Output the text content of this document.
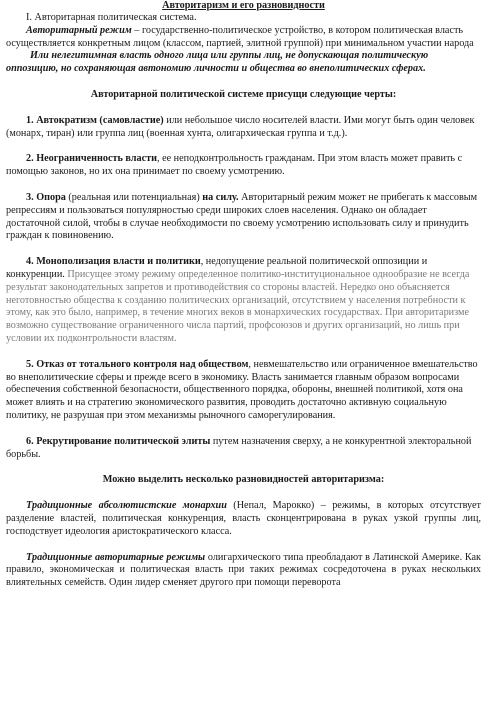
Авторитаризм и его разновидности

I. Авторитарная политическая система.

Авторитарный режим – государственно-политическое устройство, в котором политическая власть осуществляется конкретным лицом (классом, партией, элитной группой) при минимальном участии народа

Или нелегитимная власть одного лица или группы лиц, не допускающая политическую оппозицию, но сохраняющая автономию личности и общества во внеполитических сферах.

Авторитарной политической системе присущи следующие черты:

1. Автократизм (самовластие) или небольшое число носителей власти. Ими могут быть один человек (монарх, тиран) или группа лиц (военная хунта, олигархическая группа и т.д.).

2. Неограниченность власти, ее неподконтрольность гражданам. При этом власть может править с помощью законов, но их она принимает по своему усмотрению.

3. Опора (реальная или потенциальная) на силу. Авторитарный режим может не прибегать к массовым репрессиям и пользоваться популярностью среди широких слоев населения. Однако он обладает достаточной силой, чтобы в случае необходимости по своему усмотрению использовать силу и принудить граждан к повиновению.

4. Монополизация власти и политики, недопущение реальной политической оппозиции и конкуренции. Присущее этому режиму определенное политико-институциональное однообразие не всегда результат законодательных запретов и противодействия со стороны властей. Нередко оно объясняется неготовностью общества к созданию политических организаций, отсутствием у населения потребности к этому, как это было, например, в течение многих веков в монархических государствах. При авторитаризме возможно существование ограниченного числа партий, профсоюзов и других организаций, но лишь при условии их подконтрольности властям.

5. Отказ от тотального контроля над обществом, невмешательство или ограниченное вмешательство во внеполитические сферы и прежде всего в экономику. Власть занимается главным образом вопросами обеспечения собственной безопасности, общественного порядка, обороны, внешней политикой, хотя она может влиять и на стратегию экономического развития, проводить достаточно активную социальную политику, не разрушая при этом механизмы рыночного саморегулирования.

6. Рекрутирование политической элиты путем назначения сверху, а не конкурентной электоральной борьбы.

Можно выделить несколько разновидностей авторитаризма:

Традиционные абсолютистские монархии (Непал, Марокко) – режимы, в которых отсутствует разделение властей, политическая конкуренция, власть сконцентрирована в руках узкой группы лиц, господствует идеология аристократического класса.

Традиционные авторитарные режимы олигархического типа преобладают в Латинской Америке. Как правило, экономическая и политическая власть при таких режимах сосредоточена в руках нескольких влиятельных семейств. Один лидер сменяет другого при помощи переворота
